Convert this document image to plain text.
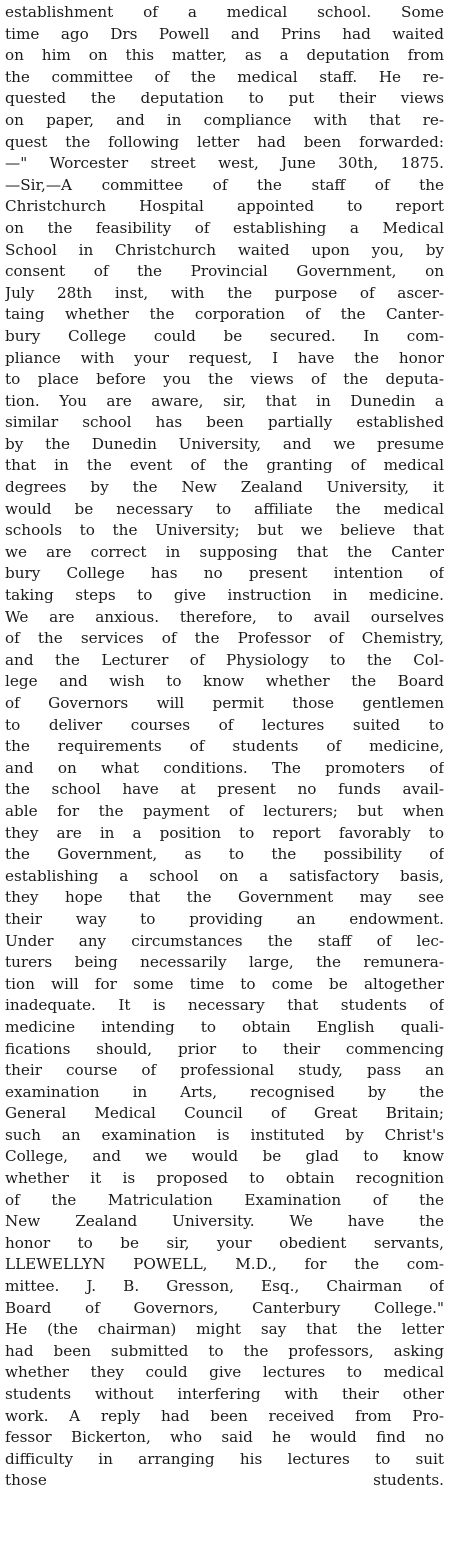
establishment of a medical school. Some
time ago Drs Powell and Prins had waited
on him on this matter, as a deputation from
the committee of the medical staff. He re-
quested the deputation to put their views
on paper, and in compliance with that re-
quest the following letter had been forwarded:
—" Worcester street west, June 30th, 1875.
—Sir,—A committee of the staff of the
Christchurch Hospital appointed to report
on the feasibility of establishing a Medical
School in Christchurch waited upon you, by
consent of the Provincial Government, on
July 28th inst, with the purpose of ascer-
taing whether the corporation of the Canter-
bury College could be secured. In com-
pliance with your request, I have the honor
to place before you the views of the deputa-
tion. You are aware, sir, that in Dunedin a
similar school has been partially established
by the Dunedin University, and we presume
that in the event of the granting of medical
degrees by the New Zealand University, it
would be necessary to affiliate the medical
schools to the University; but we believe that
we are correct in supposing that the Canter
bury College has no present intention of
taking steps to give instruction in medicine.
We are anxious. therefore, to avail ourselves
of the services of the Professor of Chemistry,
and the Lecturer of Physiology to the Col-
lege and wish to know whether the Board
of Governors will permit those gentlemen
to deliver courses of lectures suited to
the requirements of students of medicine,
and on what conditions. The promoters of
the school have at present no funds avail-
able for the payment of lecturers; but when
they are in a position to report favorably to
the Government, as to the possibility of
establishing a school on a satisfactory basis,
they hope that the Government may see
their way to providing an endowment.
Under any circumstances the staff of lec-
turers being necessarily large, the remunera-
tion will for some time to come be altogether
inadequate. It is necessary that students of
medicine intending to obtain English quali-
fications should, prior to their commencing
their course of professional study, pass an
examination in Arts, recognised by the
General Medical Council of Great Britain;
such an examination is instituted by Christ's
College, and we would be glad to know
whether it is proposed to obtain recognition
of the Matriculation Examination of the
New Zealand University. We have the
honor to be sir, your obedient servants,
LLEWELLYN POWELL, M.D., for the com-
mittee. J. B. Gresson, Esq., Chairman of
Board of Governors, Canterbury College."
He (the chairman) might say that the letter
had been submitted to the professors, asking
whether they could give lectures to medical
students without interfering with their other
work. A reply had been received from Pro-
fessor Bickerton, who said he would find no
difficulty in arranging his lectures to suit
those students.
